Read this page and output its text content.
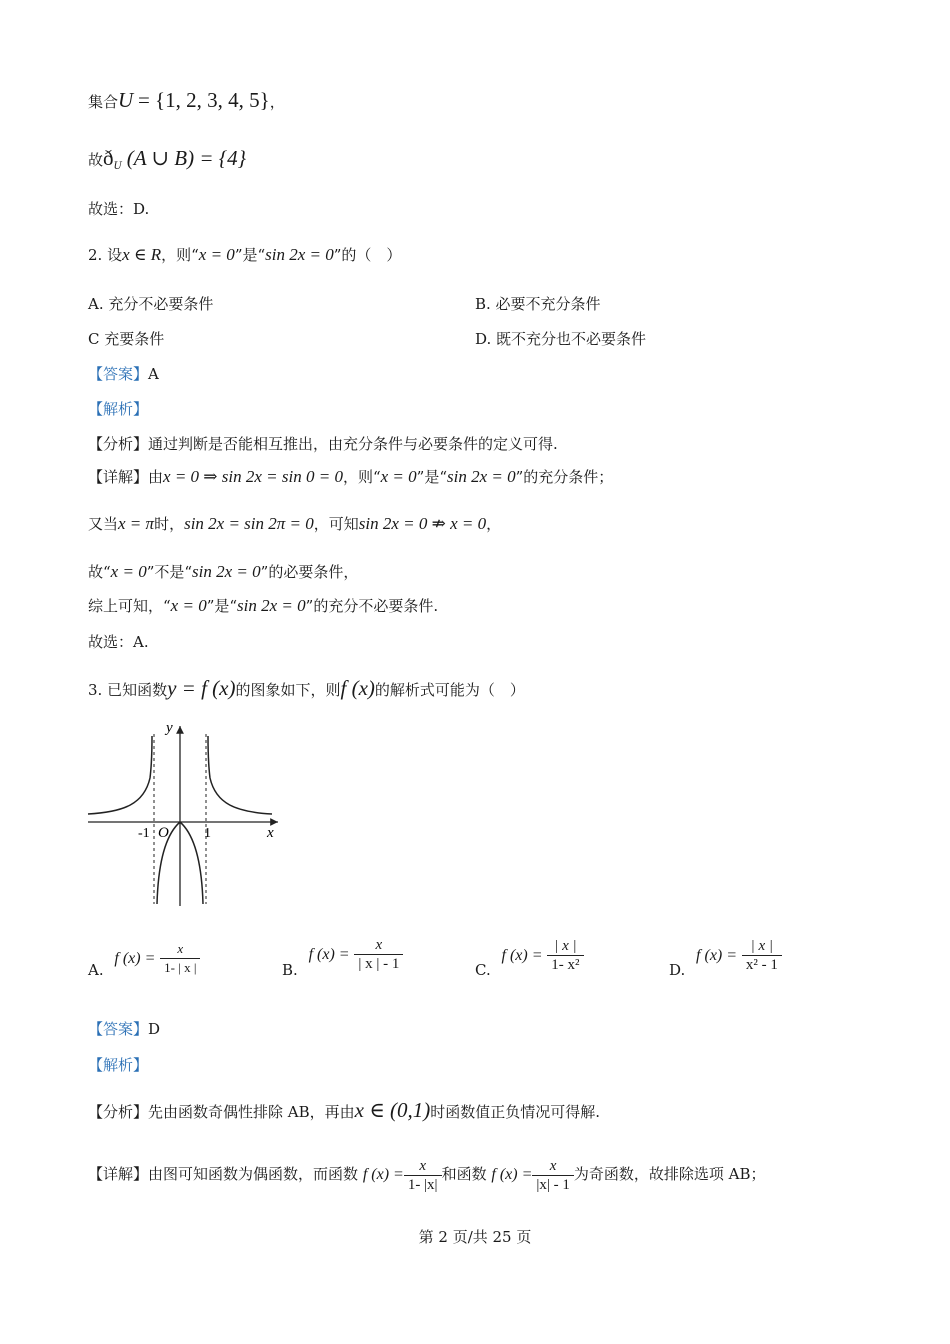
集合U = {1, 2, 3, 4, 5}，
故$ð_U$ (A ∪ B) = {4}
故选：D.
2. 设x ∈ R，则“x = 0”是“sin 2x = 0”的（　）
A. 充分不必要条件	B. 必要不充分条件
C 充要条件	D. 既不充分也不必要条件
【答案】A
【解析】
【分析】通过判断是否能相互推出，由充分条件与必要条件的定义可得.
【详解】由x = 0 ⇒ sin 2x = sin 0 = 0，则“x = 0”是“sin 2x = 0”的充分条件；
又当x = π时，sin 2x = sin 2π = 0，可知sin 2x = 0 ⇏ x = 0，
故“x = 0”不是“sin 2x = 0”的必要条件，
综上可知，“x = 0”是“sin 2x = 0”的充分不必要条件.
故选：A.
3. 已知函数y = f (x)的图象如下，则f (x)的解析式可能为（　）
y
x
O
-1	1
A. f $(x) = \frac{x}{1- | x |}$	B. f $(x) = \frac{x}{| x | - 1}$	C. f $(x) = \frac{| x |}{\text{1- x²}}$	D. f $(x) = \frac{| x |}{\text{x² - 1}}$
【答案】D
【解析】
【分析】先由函数奇偶性排除 AB，再由x ∈ (0,1)时函数值正负情况可得解.
【详解】由图可知函数为偶函数，而函数 f $(x) = \frac{x}{1- |x|}$ 和函数 f $(x) = \frac{x}{|x| - 1}$ 为奇函数，故排除选项 AB；
第 2 页/共 25 页
